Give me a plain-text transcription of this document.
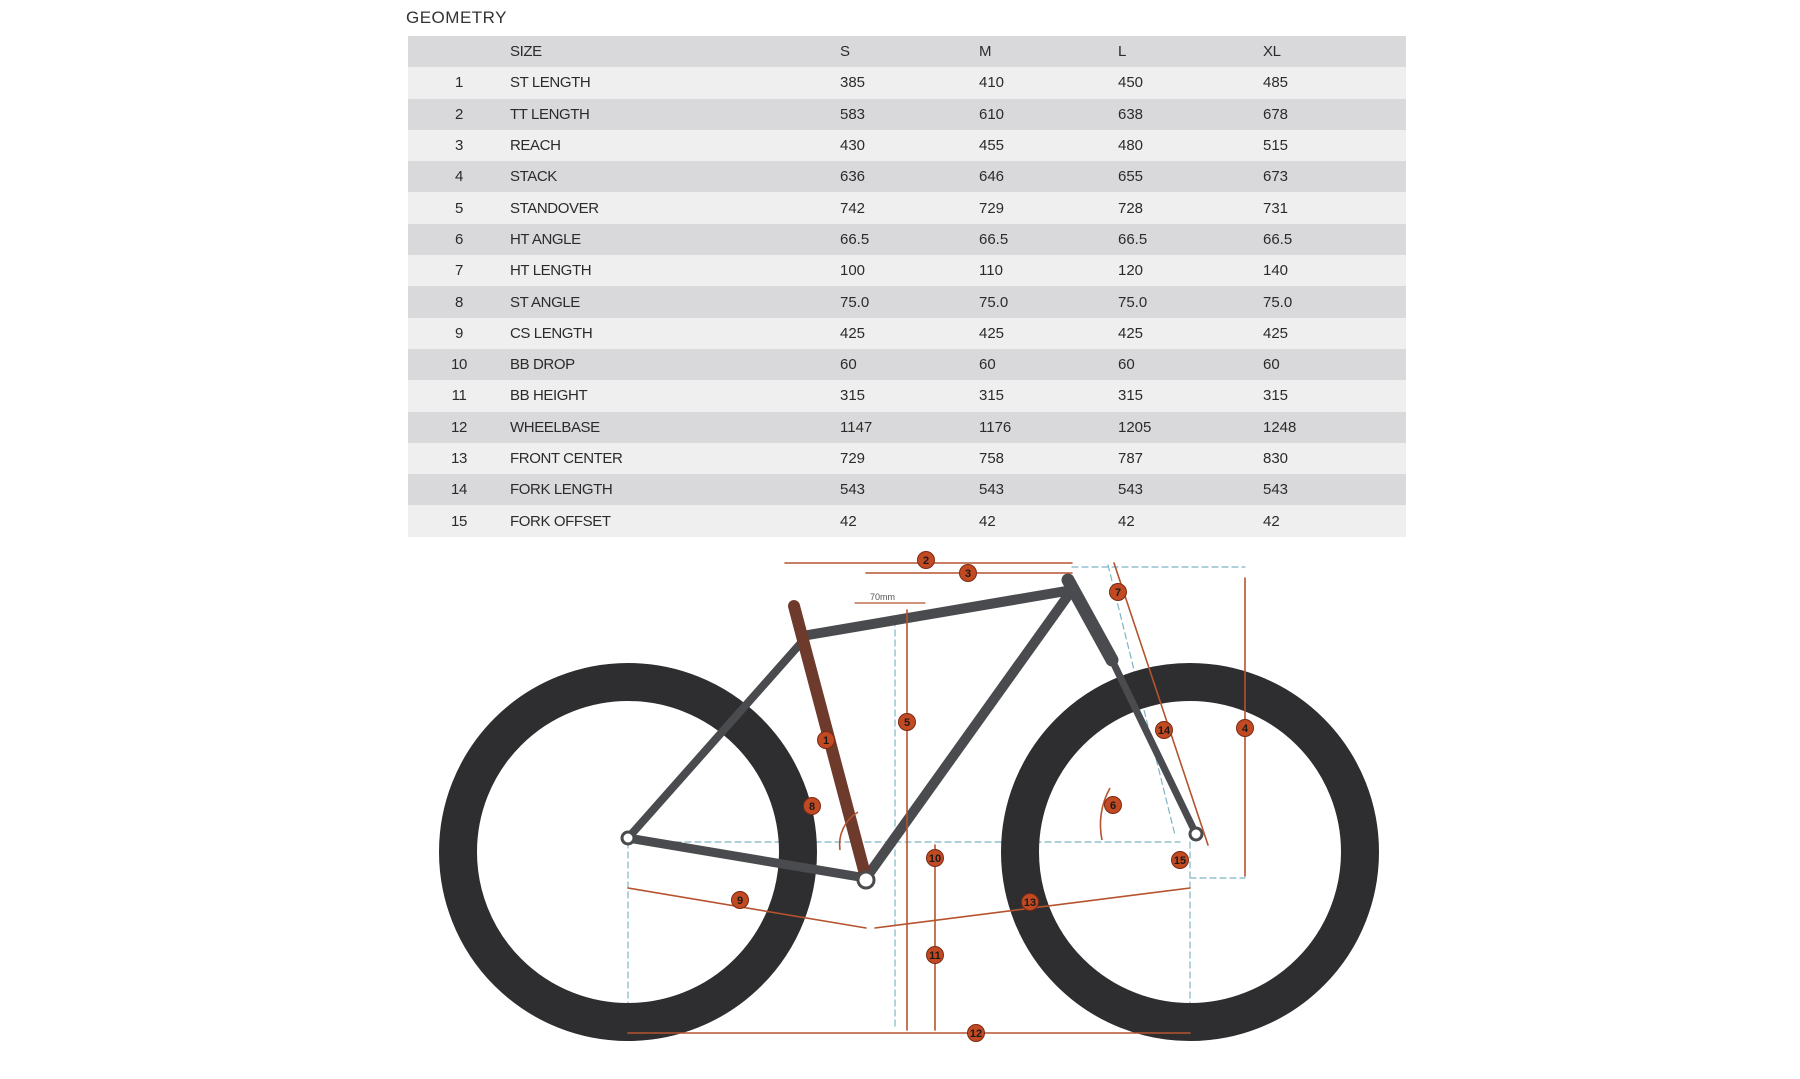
GEOMETRY
	SIZE	S	M	L	XL
1	ST LENGTH	385	410	450	485
2	TT LENGTH	583	610	638	678
3	REACH	430	455	480	515
4	STACK	636	646	655	673
5	STANDOVER	742	729	728	731
6	HT ANGLE	66.5	66.5	66.5	66.5
7	HT LENGTH	100	110	120	140
8	ST ANGLE	75.0	75.0	75.0	75.0
9	CS LENGTH	425	425	425	425
10	BB DROP	60	60	60	60
11	BB HEIGHT	315	315	315	315
12	WHEELBASE	1147	1176	1205	1248
13	FRONT CENTER	729	758	787	830
14	FORK LENGTH	543	543	543	543
15	FORK OFFSET	42	42	42	42
70mm
1
2
3
4
5
6
7
8
9
10
11
12
13
14
15
